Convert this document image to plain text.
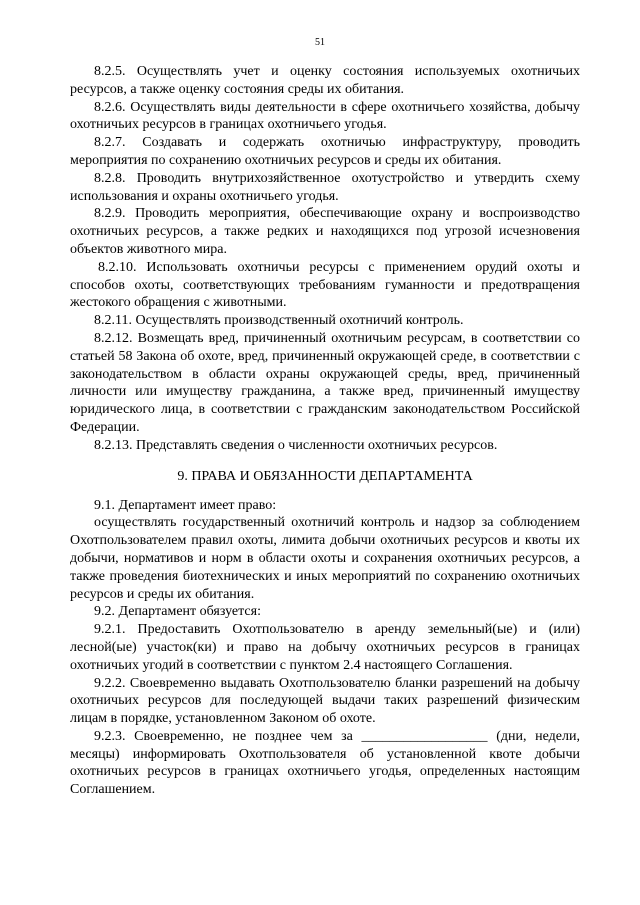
51

8.2.5. Осуществлять учет и оценку состояния используемых охотничьих ресурсов, а также оценку состояния среды их обитания.

8.2.6. Осуществлять виды деятельности в сфере охотничьего хозяйства, добычу охотничьих ресурсов в границах охотничьего угодья.

8.2.7. Создавать и содержать охотничью инфраструктуру, проводить мероприятия по сохранению охотничьих ресурсов и среды их обитания.

8.2.8. Проводить внутрихозяйственное охотустройство и утвердить схему использования и охраны охотничьего угодья.

8.2.9. Проводить мероприятия, обеспечивающие охрану и воспроизводство охотничьих ресурсов, а также редких и находящихся под угрозой исчезновения объектов животного мира.

8.2.10. Использовать охотничьи ресурсы с применением орудий охоты и способов охоты, соответствующих требованиям гуманности и предотвращения жестокого обращения с животными.

8.2.11. Осуществлять производственный охотничий контроль.

8.2.12. Возмещать вред, причиненный охотничьим ресурсам, в соответствии со статьей 58 Закона об охоте, вред, причиненный окружающей среде, в соответствии с законодательством в области охраны окружающей среды, вред, причиненный личности или имуществу гражданина, а также вред, причиненный имуществу юридического лица, в соответствии с гражданским законодательством Российской Федерации.

8.2.13. Представлять сведения о численности охотничьих ресурсов.

9. ПРАВА И ОБЯЗАННОСТИ ДЕПАРТАМЕНТА

9.1. Департамент имеет право:

осуществлять государственный охотничий контроль и надзор за соблюдением Охотпользователем правил охоты, лимита добычи охотничьих ресурсов и квоты их добычи, нормативов и норм в области охоты и сохранения охотничьих ресурсов, а также проведения биотехнических и иных мероприятий по сохранению охотничьих ресурсов и среды их обитания.

9.2. Департамент обязуется:

9.2.1. Предоставить Охотпользователю в аренду земельный(ые) и (или) лесной(ые) участок(ки) и право на добычу охотничьих ресурсов в границах охотничьих угодий в соответствии с пунктом 2.4 настоящего Соглашения.

9.2.2. Своевременно выдавать Охотпользователю бланки разрешений на добычу охотничьих ресурсов для последующей выдачи таких разрешений физическим лицам в порядке, установленном Законом об охоте.

9.2.3. Своевременно, не позднее чем за __________________ (дни, недели, месяцы) информировать Охотпользователя об установленной квоте добычи охотничьих ресурсов в границах охотничьего угодья, определенных настоящим Соглашением.
